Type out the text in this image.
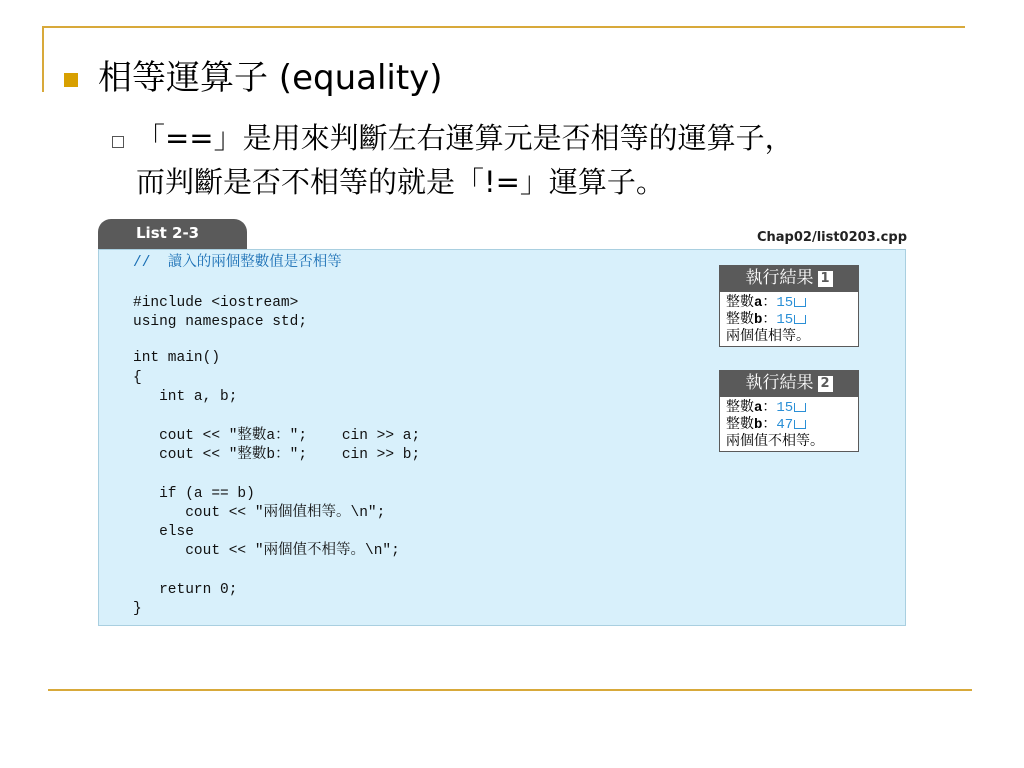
相等運算子 (equality)
「==」是用來判斷左右運算元是否相等的運算子，
而判斷是否不相等的就是「!=」運算子。
List 2-3	Chap02/list0203.cpp
//  讀入的兩個整數值是否相等
#include <iostream>
using namespace std;
int main()
{
int a, b;
cout << "整數a：";    cin >> a;
cout << "整數b：";    cin >> b;
if (a == b)
cout << "兩個值相等。\n";
else
cout << "兩個值不相等。\n";
return 0;
}
執行結果 1
整數a：15
整數b：15
兩個值相等。
執行結果 2
整數a：15
整數b：47
兩個值不相等。
